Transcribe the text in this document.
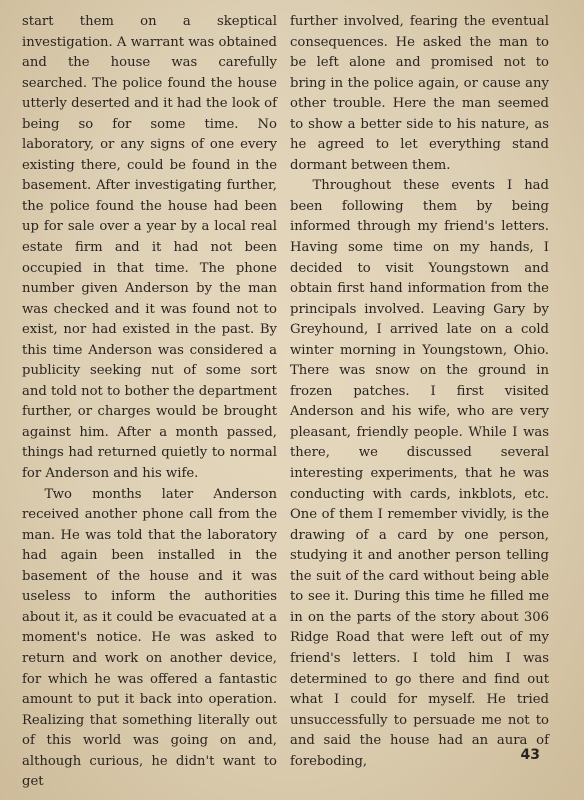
start them on a skeptical investigation. A warrant was obtained and the house was carefully searched. The police found the house utterly deserted and it had the look of being so for some time. No laboratory, or any signs of one every existing there, could be found in the basement. After investigating further, the police found the house had been up for sale over a year by a local real estate firm and it had not been occupied in that time. The phone number given Anderson by the man was checked and it was found not to exist, nor had existed in the past. By this time Anderson was considered a publicity seeking nut of some sort and told not to bother the department further, or charges would be brought against him. After a month passed, things had returned quietly to normal for Anderson and his wife.

Two months later Anderson received another phone call from the man. He was told that the laboratory had again been installed in the basement of the house and it was useless to inform the authorities about it, as it could be evacuated at a moment's notice. He was asked to return and work on another device, for which he was offered a fantastic amount to put it back into operation. Realizing that something literally out of this world was going on and, although curious, he didn't want to get

further involved, fearing the eventual consequences. He asked the man to be left alone and promised not to bring in the police again, or cause any other trouble. Here the man seemed to show a better side to his nature, as he agreed to let everything stand dormant between them.

Throughout these events I had been following them by being informed through my friend's letters. Having some time on my hands, I decided to visit Youngstown and obtain first hand information from the principals involved. Leaving Gary by Greyhound, I arrived late on a cold winter morning in Youngstown, Ohio. There was snow on the ground in frozen patches. I first visited Anderson and his wife, who are very pleasant, friendly people. While I was there, we discussed several interesting experiments, that he was conducting with cards, inkblots, etc. One of them I remember vividly, is the drawing of a card by one person, studying it and another person telling the suit of the card without being able to see it. During this time he filled me in on the parts of the story about 306 Ridge Road that were left out of my friend's letters. I told him I was determined to go there and find out what I could for myself. He tried unsuccessfully to persuade me not to and said the house had an aura of foreboding,	43
